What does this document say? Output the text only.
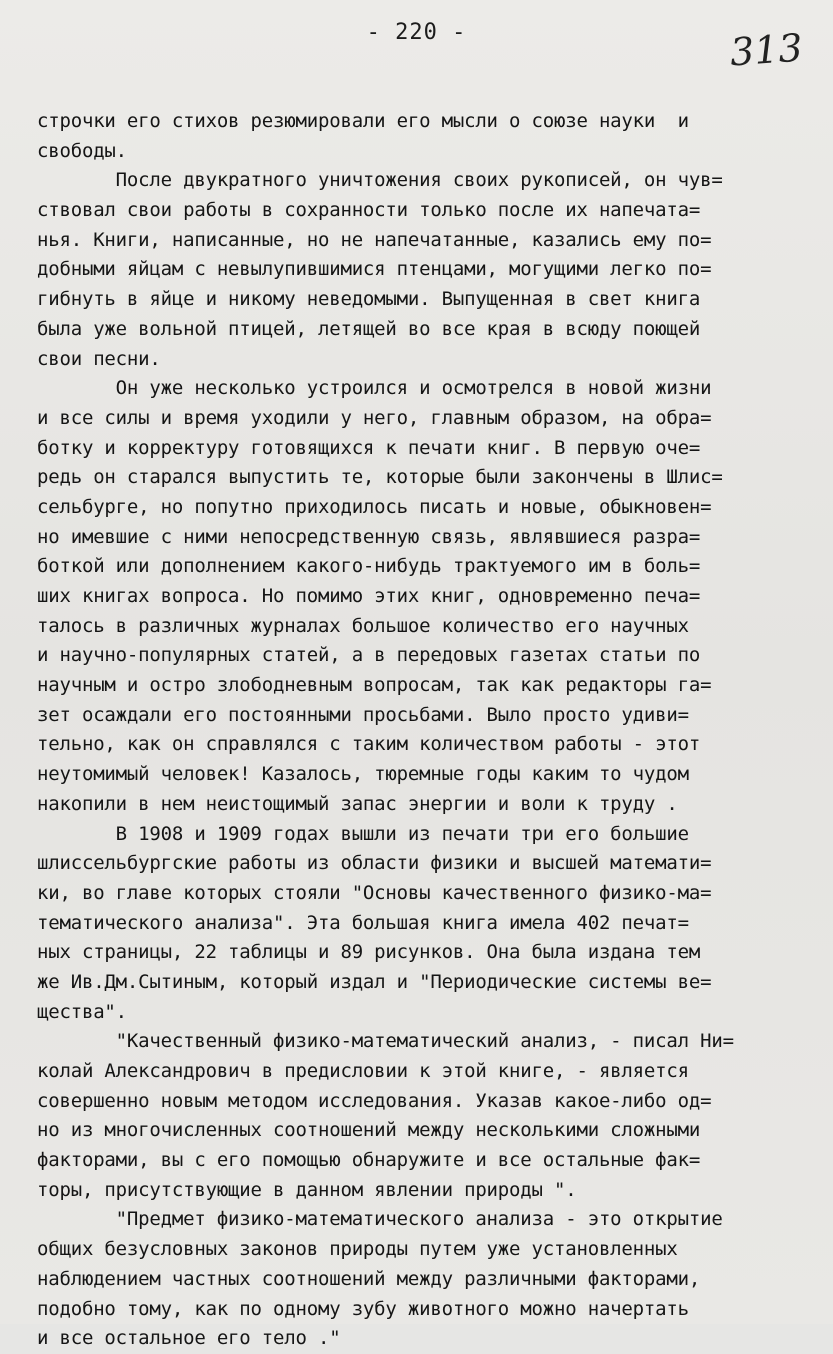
- 220 -	313
строчки его стихов резюмировали его мысли о союзе науки  и
свободы.
После двукратного уничтожения своих рукописей, он чув=
ствовал свои работы в сохранности только после их напечата=
нья. Книги, написанные, но не напечатанные, казались ему по=
добными яйцам с невылупившимися птенцами, могущими легко по=
гибнуть в яйце и никому неведомыми. Выпущенная в свет книга
была уже вольной птицей, летящей во все края в всюду поющей
свои песни.
Он уже несколько устроился и осмотрелся в новой жизни
и все силы и время уходили у него, главным образом, на обра=
ботку и корректуру готовящихся к печати книг. В первую оче=
редь он старался выпустить те, которые были закончены в Шлис=
сельбурге, но попутно приходилось писать и новые, обыкновен=
но имевшие с ними непосредственную связь, являвшиеся разра=
боткой или дополнением какого-нибудь трактуемого им в боль=
ших книгах вопроса. Но помимо этих книг, одновременно печа=
талось в различных журналах большое количество его научных
и научно-популярных статей, а в передовых газетах статьи по
научным и остро злободневным вопросам, так как редакторы га=
зет осаждали его постоянными просьбами. Выло просто удиви=
тельно, как он справлялся с таким количеством работы - этот
неутомимый человек! Казалось, тюремные годы каким то чудом
накопили в нем неистощимый запас энергии и воли к труду .
В 1908 и 1909 годах вышли из печати три его большие
шлиссельбургские работы из области физики и высшей математи=
ки, во главе которых стояли "Основы качественного физико-ма=
тематического анализа". Эта большая книга имела 402 печат=
ных страницы, 22 таблицы и 89 рисунков. Она была издана тем
же Ив.Дм.Сытиным, который издал и "Периодические системы ве=
щества".
"Качественный физико-математический анализ, - писал Ни=
колай Александрович в предисловии к этой книге, - является
совершенно новым методом исследования. Указав какое-либо од=
но из многочисленных соотношений между несколькими сложными
факторами, вы с его помощью обнаружите и все остальные фак=
торы, присутствующие в данном явлении природы ".
"Предмет физико-математического анализа - это открытие
общих безусловных законов природы путем уже установленных
наблюдением частных соотношений между различными факторами,
подобно тому, как по одному зубу животного можно начертать
и все остальное его тело ."
